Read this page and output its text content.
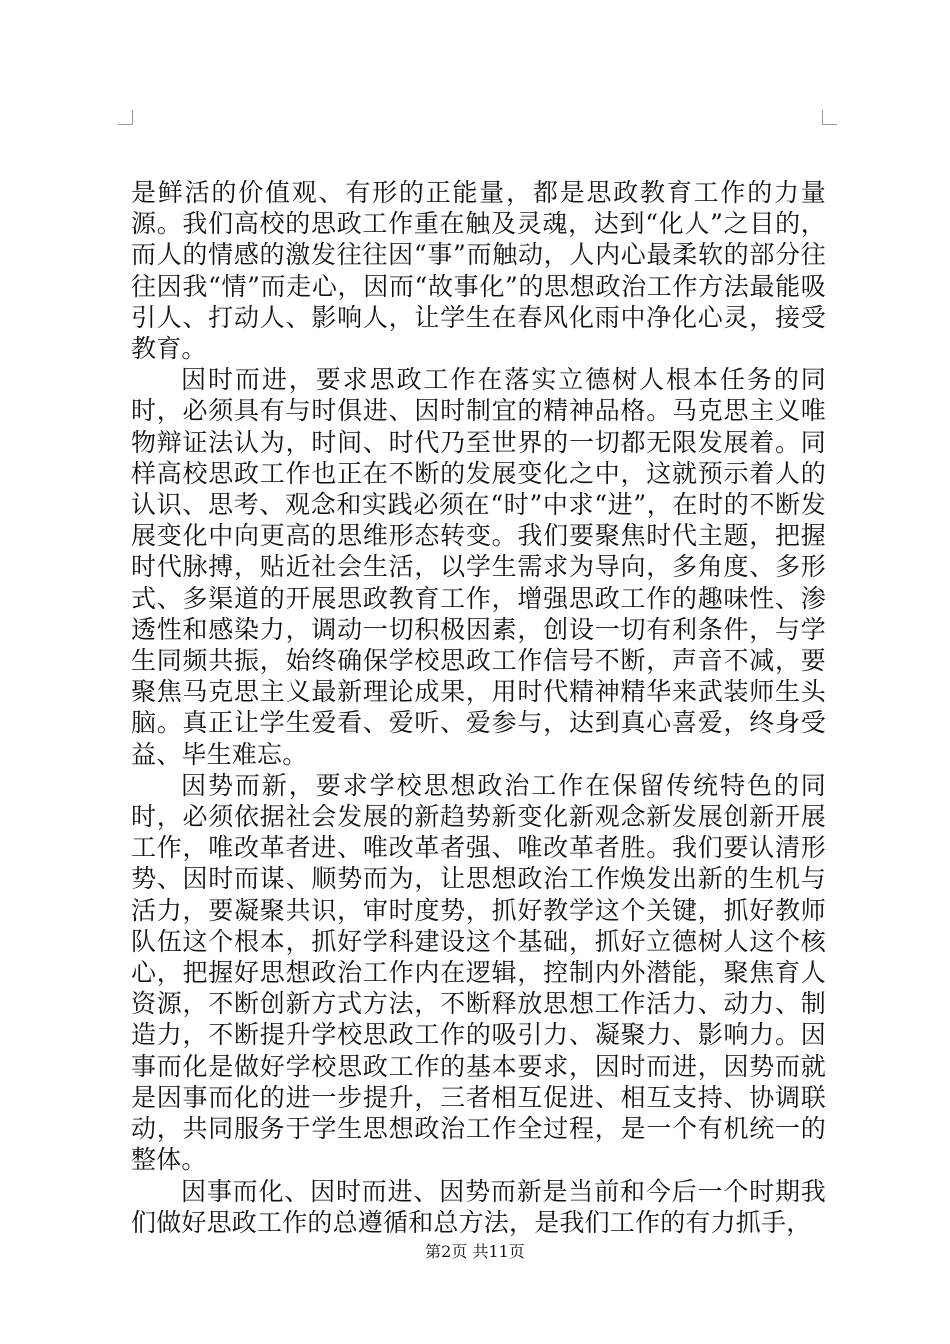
是鲜活的价值观、有形的正能量，都是思政教育工作的力量源。我们高校的思政工作重在触及灵魂，达到“化人”之目的，而人的情感的激发往往因“事”而触动，人内心最柔软的部分往往因我“情”而走心，因而“故事化”的思想政治工作方法最能吸引人、打动人、影响人，让学生在春风化雨中净化心灵，接受教育。

因时而进，要求思政工作在落实立德树人根本任务的同时，必须具有与时俱进、因时制宜的精神品格。马克思主义唯物辩证法认为，时间、时代乃至世界的一切都无限发展着。同样高校思政工作也正在不断的发展变化之中，这就预示着人的认识、思考、观念和实践必须在“时”中求“进”，在时的不断发展变化中向更高的思维形态转变。我们要聚焦时代主题，把握时代脉搏，贴近社会生活，以学生需求为导向，多角度、多形式、多渠道的开展思政教育工作，增强思政工作的趣味性、渗透性和感染力，调动一切积极因素，创设一切有利条件，与学生同频共振，始终确保学校思政工作信号不断，声音不减，要聚焦马克思主义最新理论成果，用时代精神精华来武装师生头脑。真正让学生爱看、爱听、爱参与，达到真心喜爱，终身受益、毕生难忘。

因势而新，要求学校思想政治工作在保留传统特色的同时，必须依据社会发展的新趋势新变化新观念新发展创新开展工作，唯改革者进、唯改革者强、唯改革者胜。我们要认清形势、因时而谋、顺势而为，让思想政治工作焕发出新的生机与活力，要凝聚共识，审时度势，抓好教学这个关键，抓好教师队伍这个根本，抓好学科建设这个基础，抓好立德树人这个核心，把握好思想政治工作内在逻辑，控制内外潜能，聚焦育人资源，不断创新方式方法，不断释放思想工作活力、动力、制造力，不断提升学校思政工作的吸引力、凝聚力、影响力。因事而化是做好学校思政工作的基本要求，因时而进，因势而就是因事而化的进一步提升，三者相互促进、相互支持、协调联动，共同服务于学生思想政治工作全过程，是一个有机统一的整体。

因事而化、因时而进、因势而新是当前和今后一个时期我们做好思政工作的总遵循和总方法，是我们工作的有力抓手，

第2页 共11页
